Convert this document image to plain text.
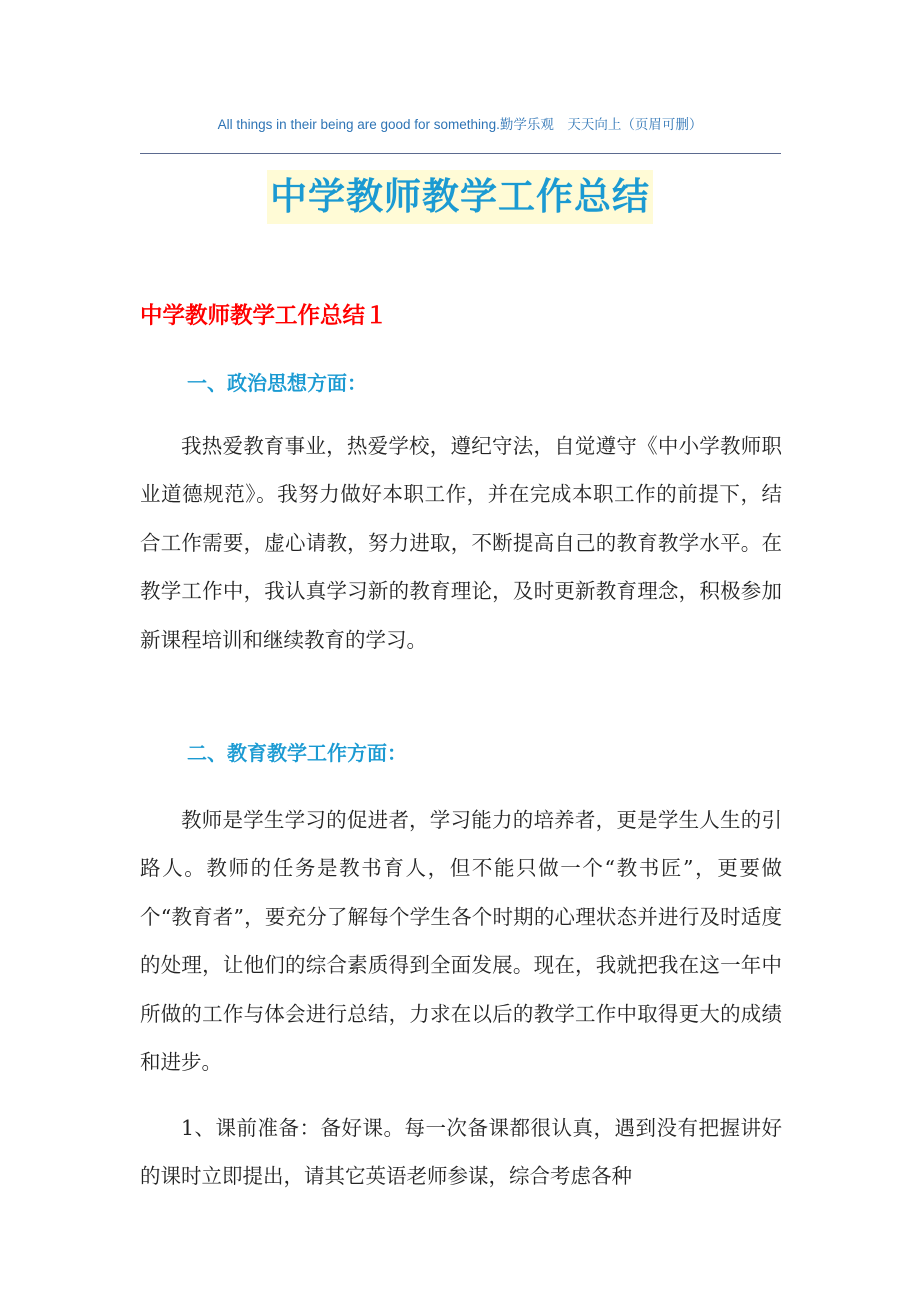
All things in their being are good for something.勤学乐观　天天向上（页眉可删）
中学教师教学工作总结
中学教师教学工作总结１
一、政治思想方面：

我热爱教育事业，热爱学校，遵纪守法，自觉遵守《中小学教师职业道德规范》。我努力做好本职工作，并在完成本职工作的前提下，结合工作需要，虚心请教，努力进取，不断提高自己的教育教学水平。在教学工作中，我认真学习新的教育理论，及时更新教育理念，积极参加新课程培训和继续教育的学习。

二、教育教学工作方面：

教师是学生学习的促进者，学习能力的培养者，更是学生人生的引路人。教师的任务是教书育人，但不能只做一个“教书匠”，更要做个“教育者”，要充分了解每个学生各个时期的心理状态并进行及时适度的处理，让他们的综合素质得到全面发展。现在，我就把我在这一年中所做的工作与体会进行总结，力求在以后的教学工作中取得更大的成绩和进步。

1、课前准备：备好课。每一次备课都很认真，遇到没有把握讲好的课时立即提出，请其它英语老师参谋，综合考虑各种
